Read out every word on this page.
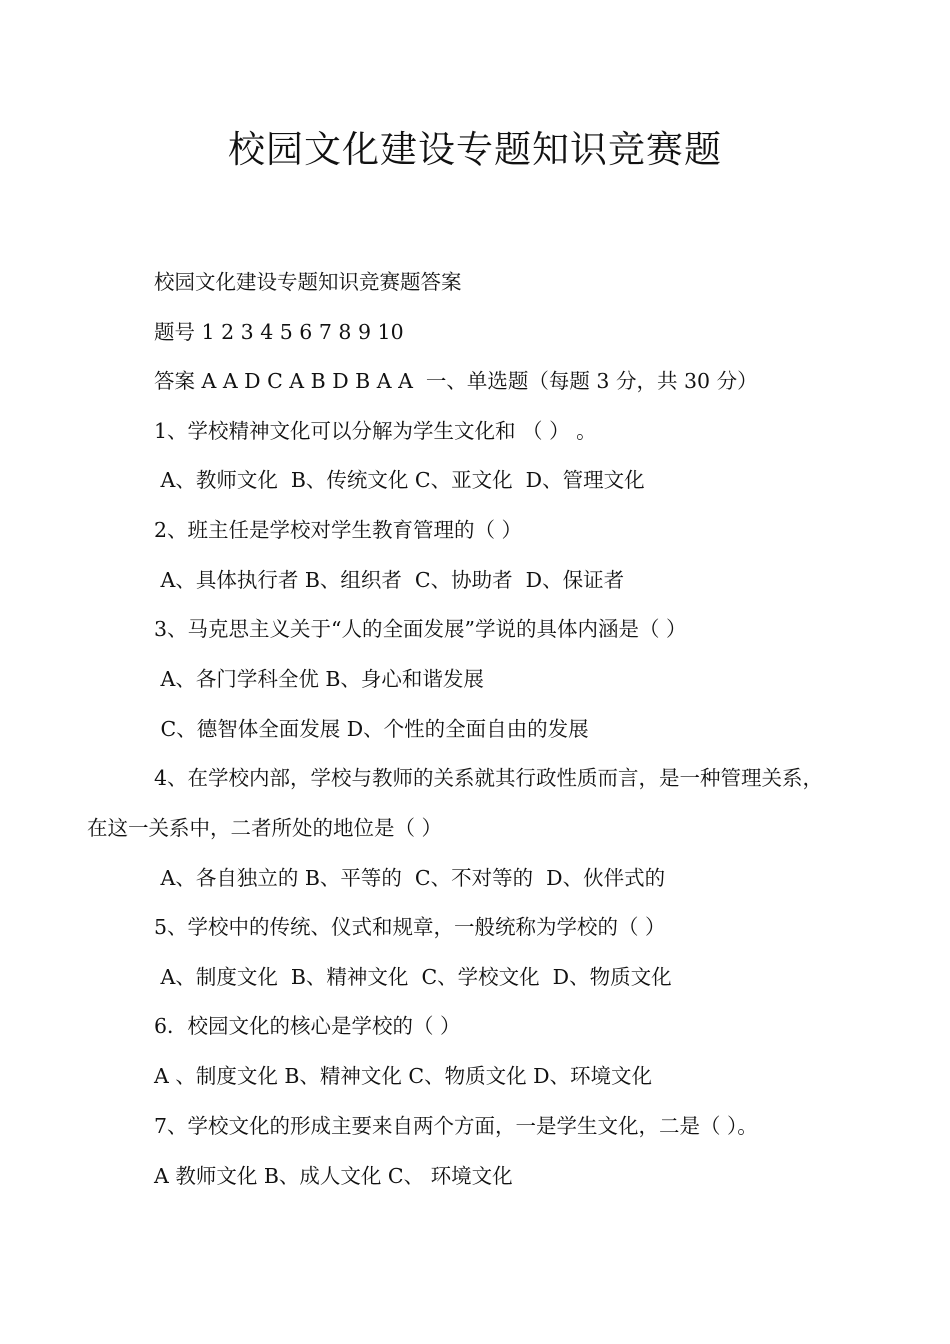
校园文化建设专题知识竞赛题

校园文化建设专题知识竞赛题答案

题号 1 2 3 4 5 6 7 8 9 10

答案 A A D C A B D B A A  一、单选题（每题 3 分，共 30 分）

1、学校精神文化可以分解为学生文化和 （ ） 。

A、教师文化  B、传统文化 C、亚文化  D、管理文化

2、班主任是学校对学生教育管理的（ ）

A、具体执行者 B、组织者  C、协助者  D、保证者

3、马克思主义关于“人的全面发展”学说的具体内涵是（ ）

A、各门学科全优 B、身心和谐发展

C、德智体全面发展 D、个性的全面自由的发展

4、在学校内部，学校与教师的关系就其行政性质而言，是一种管理关系，

在这一关系中，二者所处的地位是（ ）

A、各自独立的 B、平等的  C、不对等的  D、伙伴式的

5、学校中的传统、仪式和规章，一般统称为学校的（ ）

A、制度文化  B、精神文化  C、学校文化  D、物质文化

6．校园文化的核心是学校的（ ）

A 、制度文化 B、精神文化 C、物质文化 D、环境文化

7、学校文化的形成主要来自两个方面，一是学生文化，二是（ ）。

A 教师文化 B、成人文化 C、 环境文化
